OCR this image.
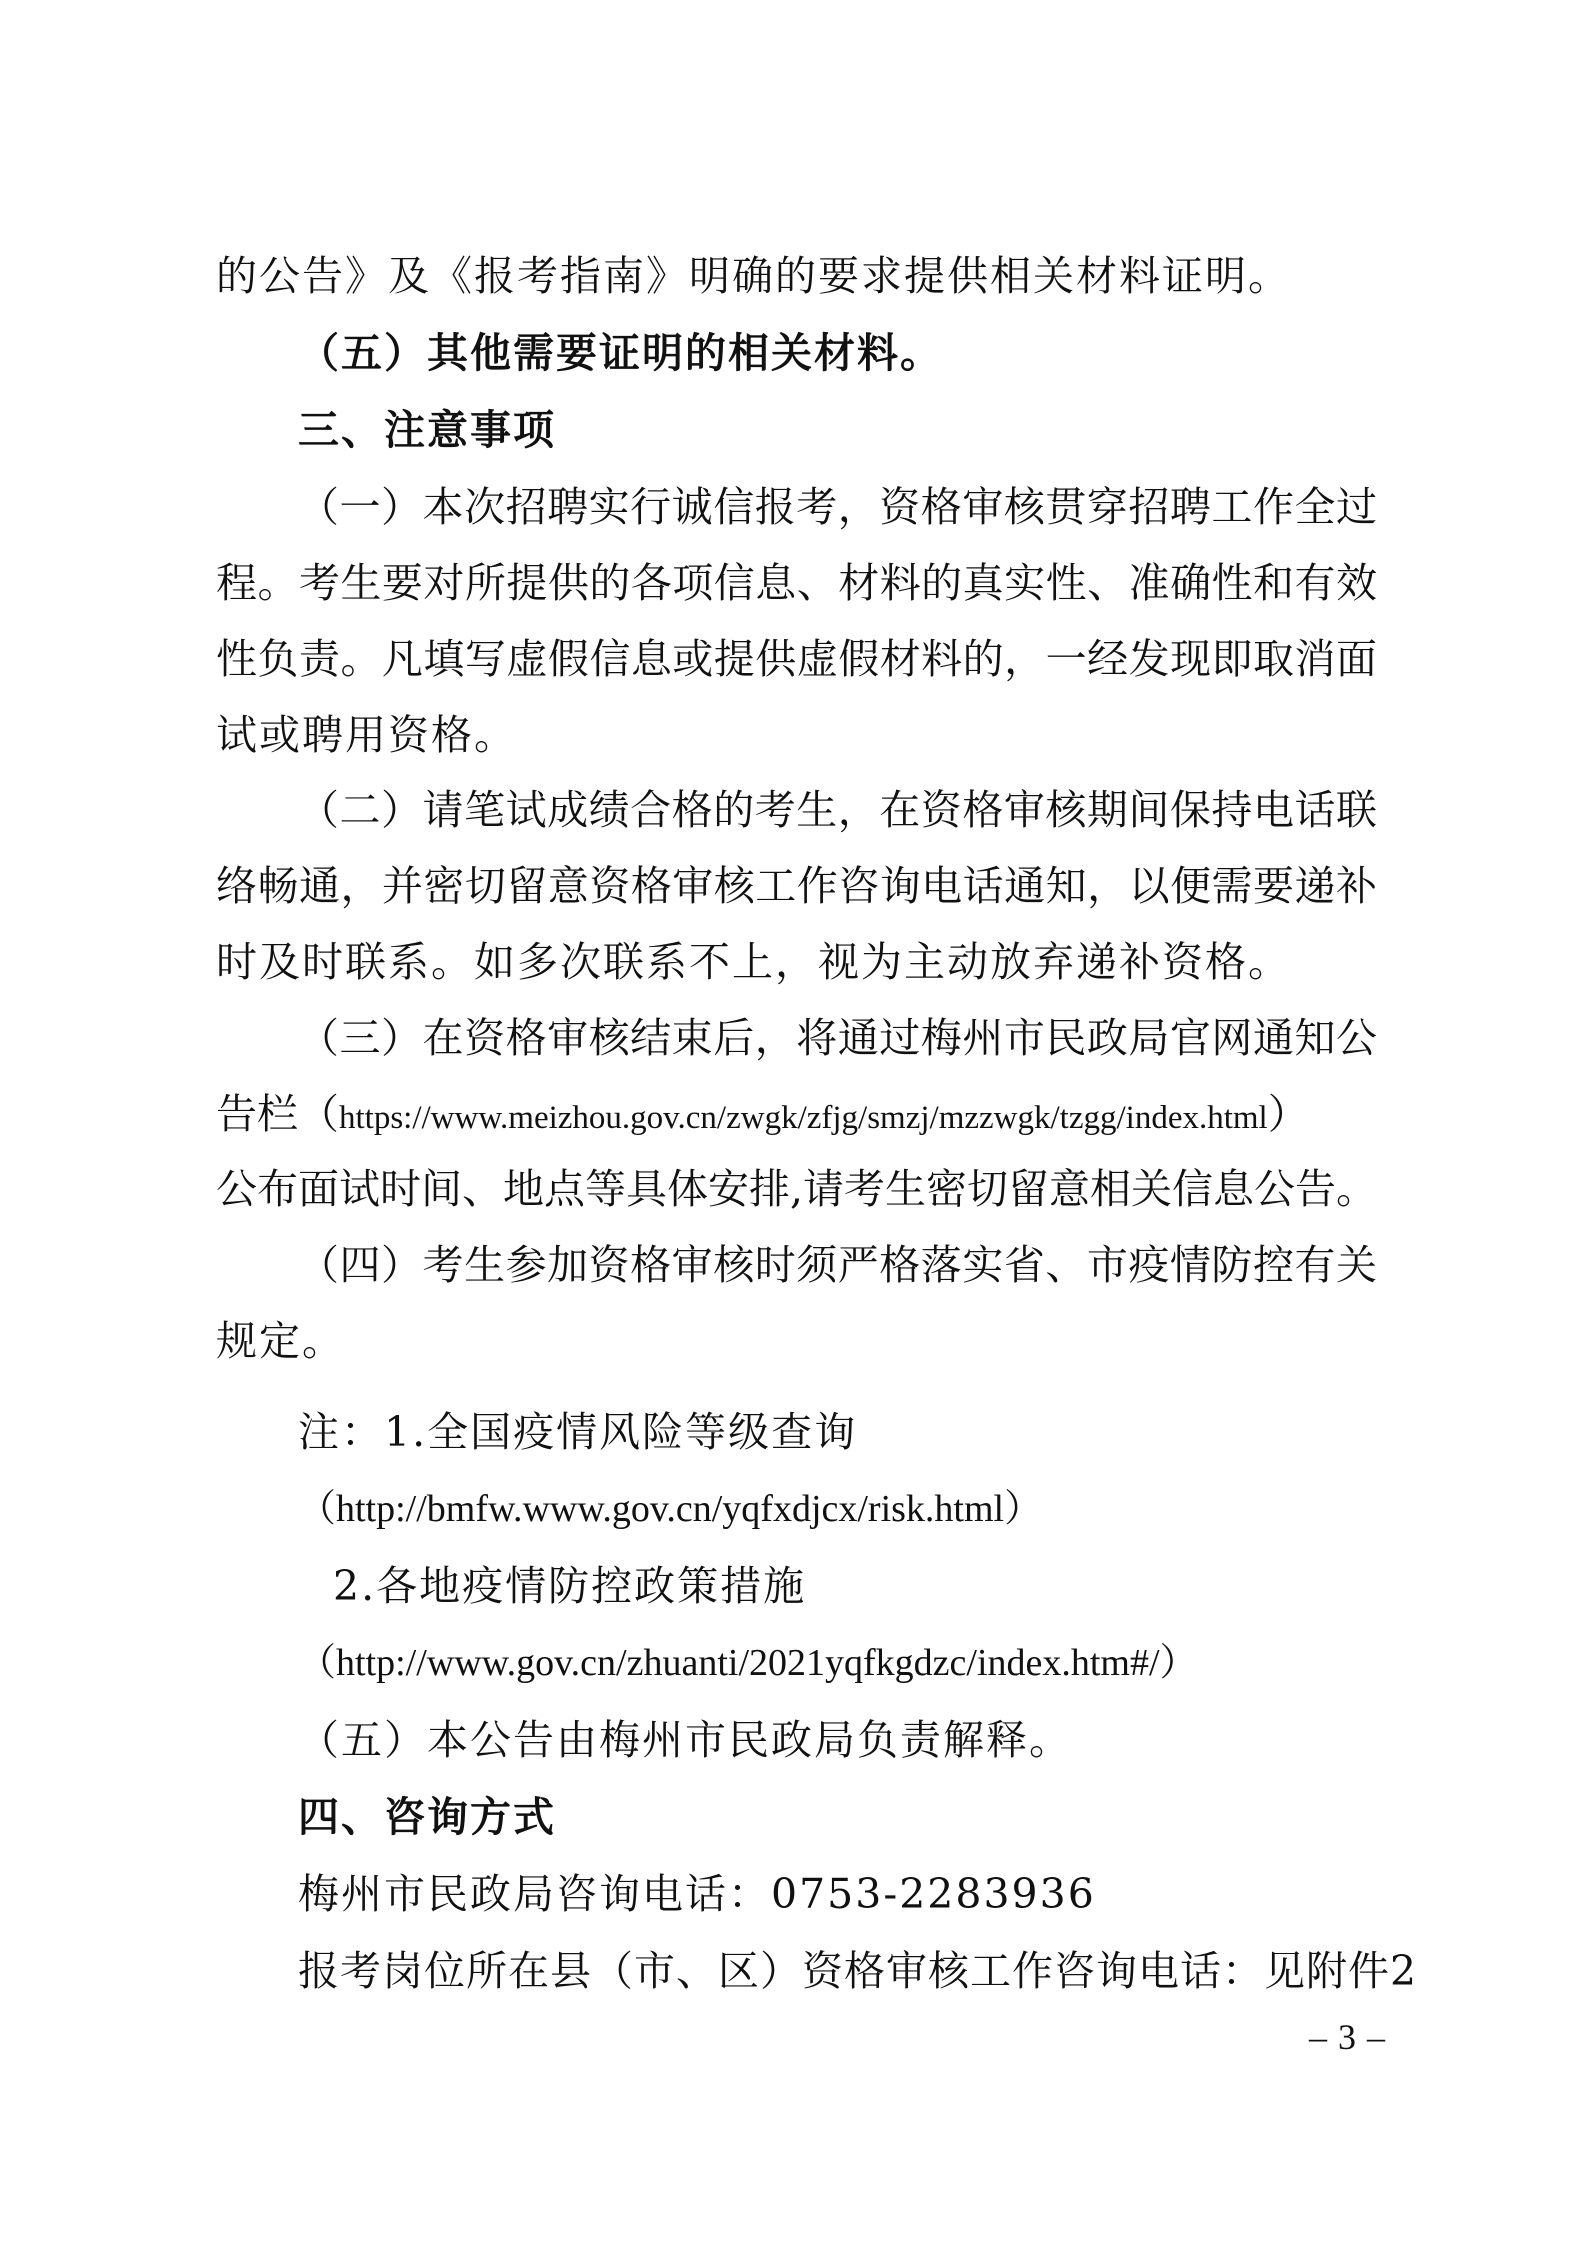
的公告》及《报考指南》明确的要求提供相关材料证明。
（五）其他需要证明的相关材料。
三、注意事项
（一）本次招聘实行诚信报考，资格审核贯穿招聘工作全过
程。考生要对所提供的各项信息、材料的真实性、准确性和有效
性负责。凡填写虚假信息或提供虚假材料的，一经发现即取消面
试或聘用资格。
（二）请笔试成绩合格的考生，在资格审核期间保持电话联
络畅通，并密切留意资格审核工作咨询电话通知，以便需要递补
时及时联系。如多次联系不上，视为主动放弃递补资格。
（三）在资格审核结束后，将通过梅州市民政局官网通知公
告栏（https://www.meizhou.gov.cn/zwgk/zfjg/smzj/mzzwgk/tzgg/index.html）
公布面试时间、地点等具体安排,请考生密切留意相关信息公告。
（四）考生参加资格审核时须严格落实省、市疫情防控有关
规定。
注：1.全国疫情风险等级查询
（http://bmfw.www.gov.cn/yqfxdjcx/risk.html）
2.各地疫情防控政策措施
（http://www.gov.cn/zhuanti/2021yqfkgdzc/index.htm#/）
（五）本公告由梅州市民政局负责解释。
四、咨询方式
梅州市民政局咨询电话：0753-2283936
报考岗位所在县（市、区）资格审核工作咨询电话：见附件2
– 3 –
